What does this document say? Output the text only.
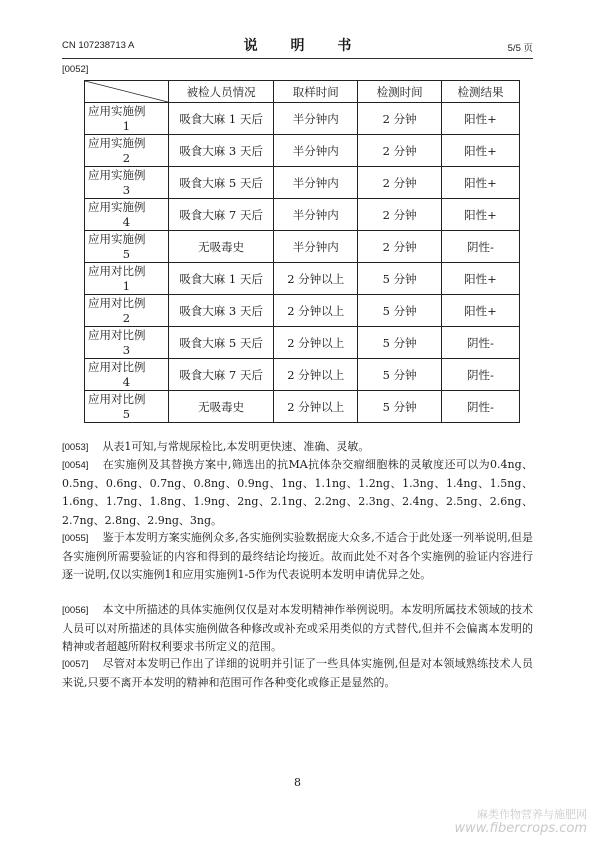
CN 107238713 A	说 明 书	5/5 页
[0052]
	被检人员情况	取样时间	检测时间	检测结果

应用实施例
1	吸食大麻 1 天后	半分钟内	2 分钟	阳性+

应用实施例
2	吸食大麻 3 天后	半分钟内	2 分钟	阳性+

应用实施例
3	吸食大麻 5 天后	半分钟内	2 分钟	阳性+

应用实施例
4	吸食大麻 7 天后	半分钟内	2 分钟	阳性+

应用实施例
5	无吸毒史	半分钟内	2 分钟	阴性-

应用对比例
1	吸食大麻 1 天后	2 分钟以上	5 分钟	阳性+

应用对比例
2	吸食大麻 3 天后	2 分钟以上	5 分钟	阳性+

应用对比例
3	吸食大麻 5 天后	2 分钟以上	5 分钟	阴性-

应用对比例
4	吸食大麻 7 天后	2 分钟以上	5 分钟	阴性-

应用对比例
5	无吸毒史	2 分钟以上	5 分钟	阴性-
[0053] 从表1可知,与常规尿检比,本发明更快速、准确、灵敏。
[0054] 在实施例及其替换方案中,筛选出的抗MA抗体杂交瘤细胞株的灵敏度还可以为0.4ng、0.5ng、0.6ng、0.7ng、0.8ng、0.9ng、1ng、1.1ng、1.2ng、1.3ng、1.4ng、1.5ng、1.6ng、1.7ng、1.8ng、1.9ng、2ng、2.1ng、2.2ng、2.3ng、2.4ng、2.5ng、2.6ng、2.7ng、2.8ng、2.9ng、3ng。
[0055] 鉴于本发明方案实施例众多,各实施例实验数据庞大众多,不适合于此处逐一列举说明,但是各实施例所需要验证的内容和得到的最终结论均接近。故而此处不对各个实施例的验证内容进行逐一说明,仅以实施例1和应用实施例1-5作为代表说明本发明申请优异之处。
[0056] 本文中所描述的具体实施例仅仅是对本发明精神作举例说明。本发明所属技术领域的技术人员可以对所描述的具体实施例做各种修改或补充或采用类似的方式替代,但并不会偏离本发明的精神或者超越所附权利要求书所定义的范围。
[0057] 尽管对本发明已作出了详细的说明并引证了一些具体实施例,但是对本领域熟练技术人员来说,只要不离开本发明的精神和范围可作各种变化或修正是显然的。
8
麻类作物营养与施肥网
www.fibercrops.com
